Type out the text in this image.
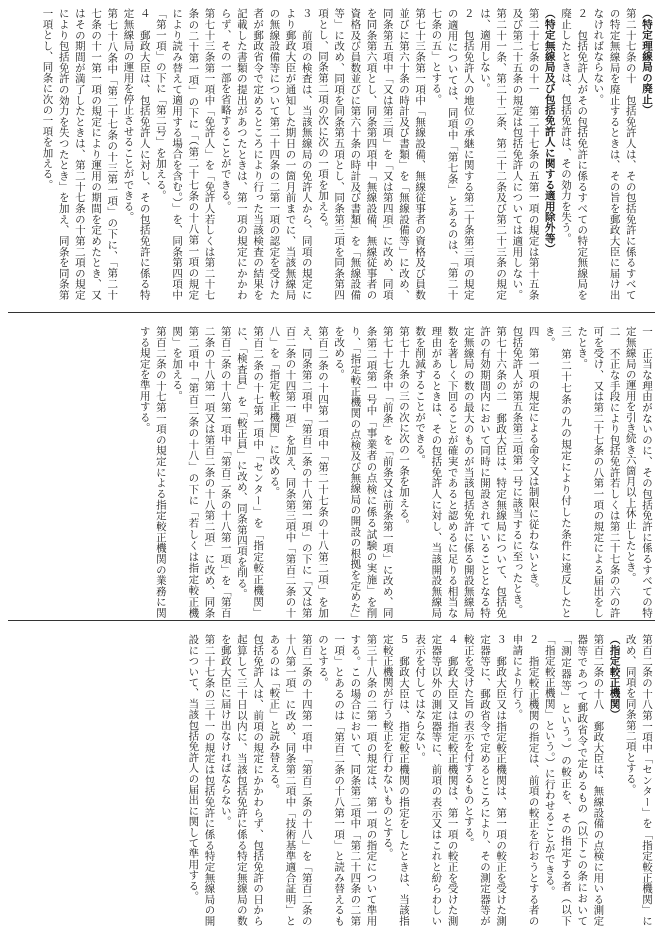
（特定理線局の廃止）

第二十七条の十　包括免許人は、その包括免許に係るすべての特定無線局を廃止するときは、その旨を郵政大臣に届け出なければならない。

２　包括免許人がその包括免許に係るすべての特定無線局を廃止したときは、包括免許は、その効力を失う。

（特定無線局及び包括免許人に関する適用除外等）

第二十七条の十一　第二十七条の五第一項の規定は第十五条及び第二十五条の規定は包括免許人については適用しない。第二十一条、第二十二条、第二十二条及び第二十三条の規定は、適用しない。

２　包括免許人の地位の承継に関する第二十条第三項の規定の適用については、同項中「第七条」とあるのは、「第二十七条の五」とする。

第七十三条第一項中「無線設備、無線従事者の資格及び員数並びに第六十条の時計及び書類」を「無線設備等」に改め、同条第五項中「又は第三項」を「又は第四項」に改め、同項を同条第六項とし、同条第四項中「無線設備、無線従事者の資格及び員数並びに第六十条の時計及び書類」を「無線設備等」に改め、同項を同条第五項とし、同条第三項を同条第四項とし、同条第二項の次に次の一項を加える。

３　前項の検査は、当該無線局の免許人から、同項の規定により郵政大臣が通知した期日の一箇月前までに、当該無線局の無線設備等について第二十四条の二第一項の認定を受けた者が郵政省令で定めるところにより行った当該検査の結果を記載した書類の提出があつたときは、第一項の規定にかかわらず、その一部を省略することができる。

第七十三条第一項中「免許人」を「免許人若しくは第二十七条の二十第一項」の下に「（第二十七条の十八第一項の規定により読み替えて適用する場合を含む。）」を、同条第四項中「第一項」の下に「第二号」を加える。

４　郵政大臣は、包括免許人に対し、その包括免許に係る特定無線局の運用を停止させることができる。

第七十八条中「第二十七条の十三第一項」の下に、「第二十七条の十一第一項の規定により運用の期間を定めたとき、又はその期間が満了したときは、第二十七条の十第二項の規定により包括免許の効力を失つたとき」を加え、同条を同条第一項とし、同条に次の一項を加える。

一　正当な理由がないのに、その包括免許に係るすべての特定無線局の運用を引き続き六箇月以上休止したとき。

二　不正な手段により包括免許若しくは第二十七条の六の許可を受け、又は第二十七条の八第一項の規定による届出をしたとき。

三　第二十七条の九の規定により付した条件に違反したとき。

四　第一項の規定による命令又は制限に従わないとき。

包括免許人が第五条第三項第一号に該当するに至ったとき。

第七十六条の二　郵政大臣は、特定無線局について、包括免許の有効期間内において同時に開設されていることとなる特定無線局の数の最大のものが当該包括免許に係る開設無線局数を著しく下回ることが確実であると認めるに足りる相当な理由があるときは、その包括免許人に対し、当該開設無線局数を削減することができる。

第七十九条の三の次に次の一条を加える。

第七十七条中「前条」を「前条又は前条第一項」に改め、同条第二項第一号中「事業者の点検に係る試験の実施」を削り、「指定較正機関の点検及び無線局の開設の根拠を定めた」を改める。

第百二条の十四第一項中「第二十七条の十八第二項」を加え、同条第二項中「第百二条の十八第一項」の下に「又は第百二条の十四第一項」を加え、同条第三項中「第百二条の十八」を「指定較正機関」に改める。

第百二条の十七第一項中「センター」を「指定較正機関」に、「検査員」を「較正員」に改め、同条第四項を削る。

第百二条の十八第一項中「第百二条の十八第一項」を「第百二条の十八第一項又は第百二条の十八第二項」に改め、同条第二項中「第百二条の十八」の下に「若しくは指定較正機関」を加える。

第百二条の十七第一項の規定による指定較正機関の業務に関する規定を準用する。

第百二条の十八第一項中「センター」を「指定較正機関」に改め、同項を同条第二項とする。

（指定較正機関）

第百二条の十八　郵政大臣は、無線設備の点検に用いる測定器等であつて郵政省令で定めるもの（以下この条において「測定器等」という。）の較正を、その指定する者（以下「指定較正機関」という。）に行わせることができる。

２　指定較正機関の指定は、前項の較正を行おうとする者の申請により行う。

３　郵政大臣又は指定較正機関は、第一項の較正を受けた測定器等に、郵政省令で定めるところにより、その測定器等が較正を受けた旨の表示を付するものとする。

４　郵政大臣又は指定較正機関は、第一項の較正を受けた測定器等以外の測定器等に、前項の表示又はこれと紛らわしい表示を付してはならない。

５　郵政大臣は、指定較正機関の指定をしたときは、当該指定較正機関が行う較正を行わないものとする。

第三十八条の二第一項の規定は、第一項の指定について準用する。この場合において、同条第二項中「第二十四条の二第一項」とあるのは「第百二条の十八第一項」と読み替えるものとする。

第百二条の十四第一項中「第百二条の十八」を「第百二条の十八第一項」に改め、同条第二項中「技術基準適合証明」とあるのは「較正」と読み替える。

包括免許人は、前項の規定にかかわらず、包括免許の日から起算して三十日以内に、当該包括免許に係る特定無線局の数を郵政大臣に届け出なければならない。

第二十七条の三十一の規定は包括免許に係る特定無線局の開設について、当該包括免許人の届出に関して準用する。
